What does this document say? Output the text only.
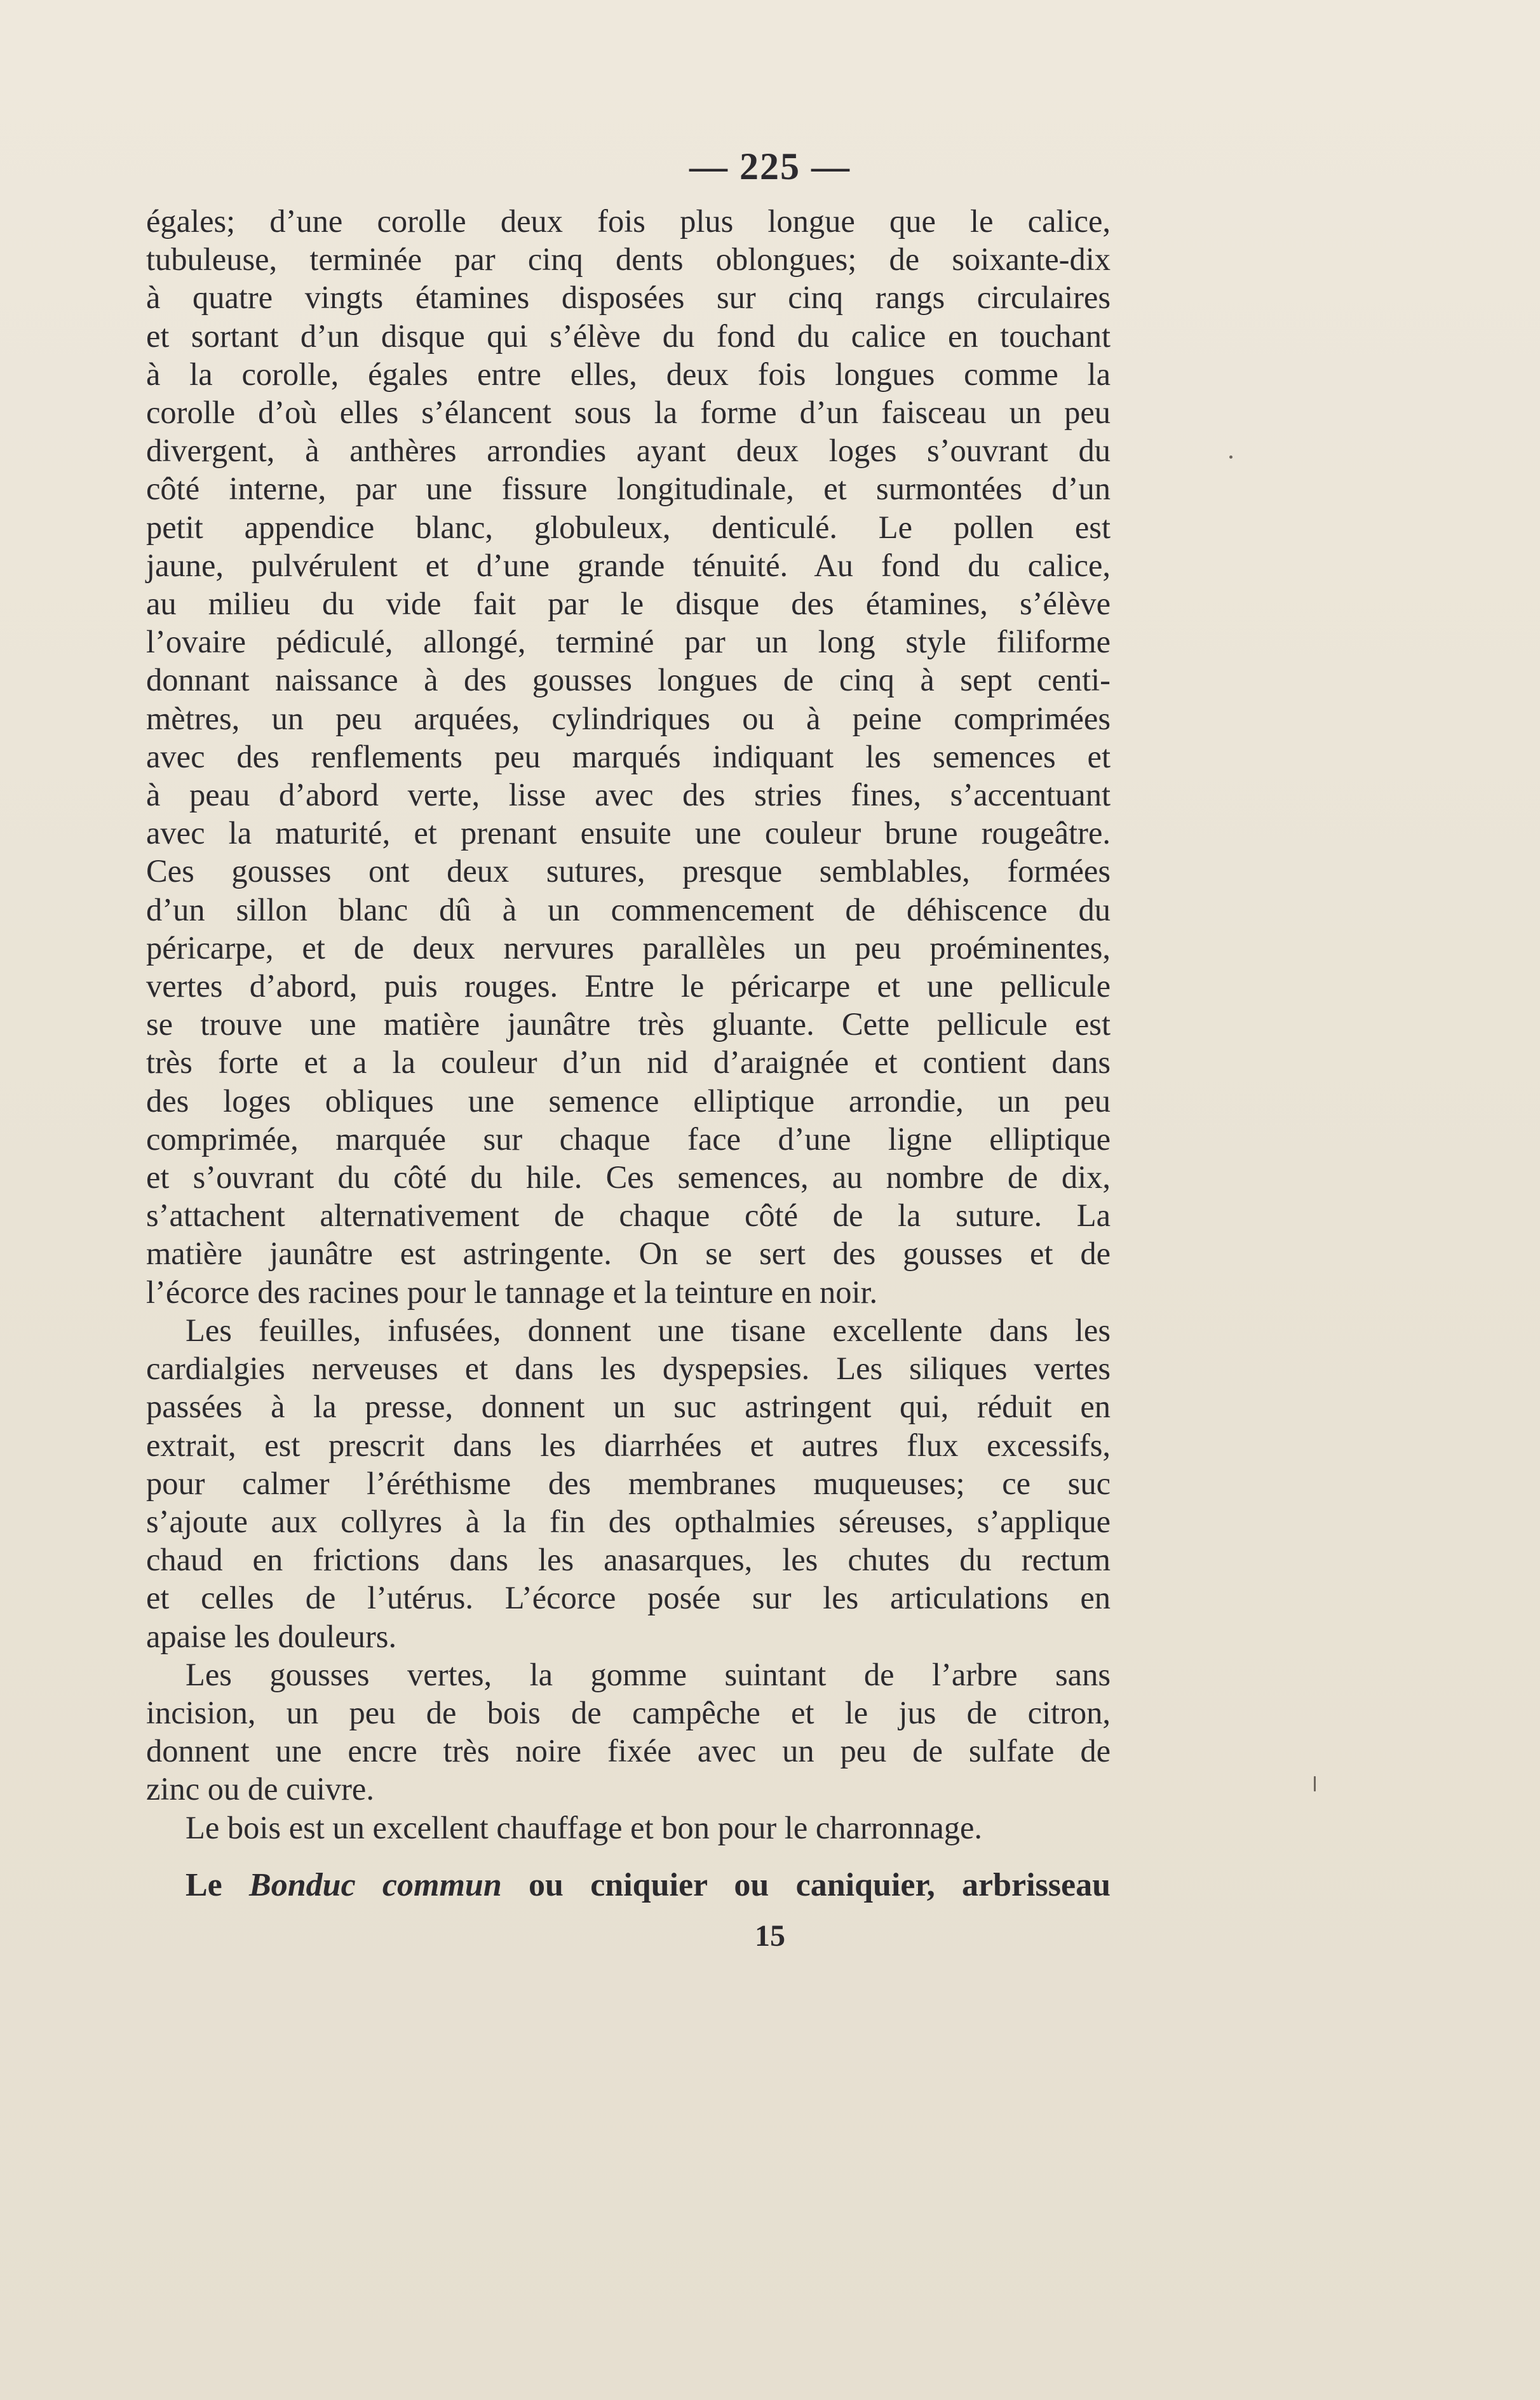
— 225 —
égales; d’une corolle deux fois plus longue que le calice,
tubuleuse, terminée par cinq dents oblongues; de soixante-dix
à quatre vingts étamines disposées sur cinq rangs circulaires
et sortant d’un disque qui s’élève du fond du calice en touchant
à la corolle, égales entre elles, deux fois longues comme la
corolle d’où elles s’élancent sous la forme d’un faisceau un peu
divergent, à anthères arrondies ayant deux loges s’ouvrant du
côté interne, par une fissure longitudinale, et surmontées d’un
petit appendice blanc, globuleux, denticulé. Le pollen est
jaune, pulvérulent et d’une grande ténuité. Au fond du calice,
au milieu du vide fait par le disque des étamines, s’élève
l’ovaire pédiculé, allongé, terminé par un long style filiforme
donnant naissance à des gousses longues de cinq à sept centi-
mètres, un peu arquées, cylindriques ou à peine comprimées
avec des renflements peu marqués indiquant les semences et
à peau d’abord verte, lisse avec des stries fines, s’accentuant
avec la maturité, et prenant ensuite une couleur brune rougeâtre.
Ces gousses ont deux sutures, presque semblables, formées
d’un sillon blanc dû à un commencement de déhiscence du
péricarpe, et de deux nervures parallèles un peu proéminentes,
vertes d’abord, puis rouges. Entre le péricarpe et une pellicule
se trouve une matière jaunâtre très gluante. Cette pellicule est
très forte et a la couleur d’un nid d’araignée et contient dans
des loges obliques une semence elliptique arrondie, un peu
comprimée, marquée sur chaque face d’une ligne elliptique
et s’ouvrant du côté du hile. Ces semences, au nombre de dix,
s’attachent alternativement de chaque côté de la suture. La
matière jaunâtre est astringente. On se sert des gousses et de
l’écorce des racines pour le tannage et la teinture en noir.
Les feuilles, infusées, donnent une tisane excellente dans les
cardialgies nerveuses et dans les dyspepsies. Les siliques vertes
passées à la presse, donnent un suc astringent qui, réduit en
extrait, est prescrit dans les diarrhées et autres flux excessifs,
pour calmer l’éréthisme des membranes muqueuses; ce suc
s’ajoute aux collyres à la fin des opthalmies séreuses, s’applique
chaud en frictions dans les anasarques, les chutes du rectum
et celles de l’utérus. L’écorce posée sur les articulations en
apaise les douleurs.
Les gousses vertes, la gomme suintant de l’arbre sans
incision, un peu de bois de campêche et le jus de citron,
donnent une encre très noire fixée avec un peu de sulfate de
zinc ou de cuivre.
Le bois est un excellent chauffage et bon pour le charronnage.
Le Bonduc commun ou cniquier ou caniquier, arbrisseau
15
